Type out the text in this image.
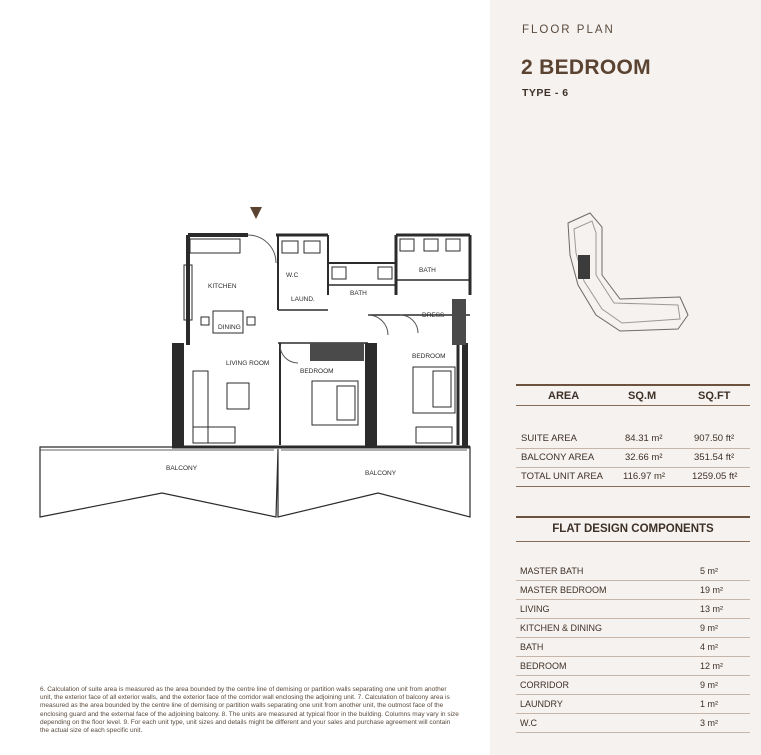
KITCHEN
DINING
LIVING ROOM
W.C
LAUND.
BATH
BATH
DRESS
BEDROOM
BEDROOM
BALCONY
BALCONY
FLOOR PLAN
2 BEDROOM
TYPE - 6
AREA	SQ.M	SQ.FT
SUITE AREA	84.31 m²	907.50 ft²
BALCONY AREA	32.66 m²	351.54 ft²
TOTAL UNIT AREA 116.97 m²	1259.05 ft²
FLAT DESIGN COMPONENTS
MASTER BATH	5 m²
MASTER BEDROOM	19 m²
LIVING	13 m²
KITCHEN & DINING	9 m²
BATH	4 m²
BEDROOM	12 m²
CORRIDOR	9 m²
LAUNDRY	1 m²
W.C	3 m²
6. Calculation of suite area is measured as the area bounded by the centre line of demising or partition walls separating one unit from another unit, the exterior face of all exterior walls, and the exterior face of the corridor wall enclosing the adjoining unit. 7. Calculation of balcony area is measured as the area bounded by the centre line of demising or partition walls separating one unit from another unit, the outmost face of the enclosing guard and the external face of the adjoining balcony. 8. The units are measured at typical floor in the building. Columns may vary in size depending on the floor level. 9. For each unit type, unit sizes and details might be different and your sales and purchase agreement will contain the actual size of each specific unit.
